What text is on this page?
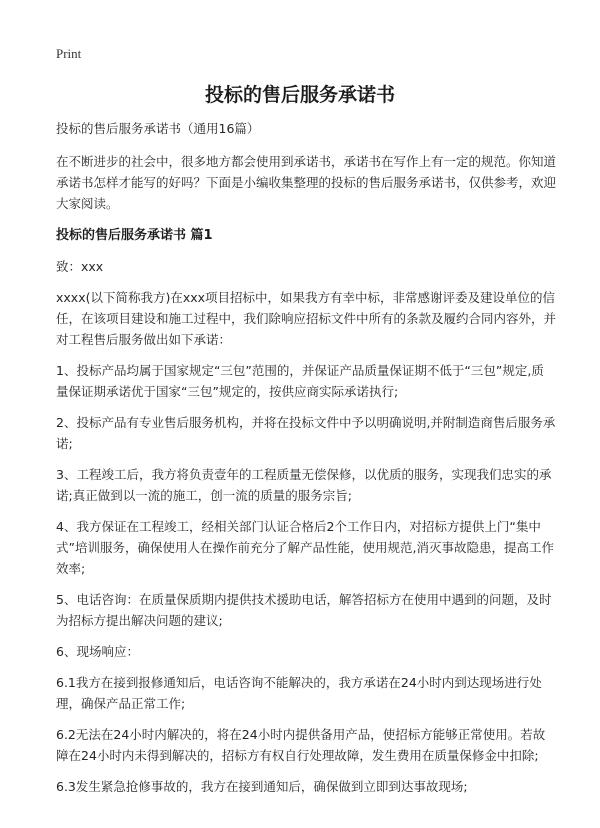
Print
投标的售后服务承诺书

投标的售后服务承诺书（通用16篇）

在不断进步的社会中，很多地方都会使用到承诺书，承诺书在写作上有一定的规范。你知道承诺书怎样才能写的好吗？下面是小编收集整理的投标的售后服务承诺书，仅供参考，欢迎大家阅读。

投标的售后服务承诺书 篇1

致：xxx

xxxx(以下简称我方)在xxx项目招标中，如果我方有幸中标，非常感谢评委及建设单位的信任，在该项目建设和施工过程中，我们除响应招标文件中所有的条款及履约合同内容外，并对工程售后服务做出如下承诺：

1、投标产品均属于国家规定“三包”范围的，并保证产品质量保证期不低于“三包”规定,质量保证期承诺优于国家“三包”规定的，按供应商实际承诺执行;

2、投标产品有专业售后服务机构，并将在投标文件中予以明确说明,并附制造商售后服务承诺;

3、工程竣工后，我方将负责壹年的工程质量无偿保修，以优质的服务，实现我们忠实的承诺;真正做到以一流的施工，创一流的质量的服务宗旨;

4、我方保证在工程竣工，经相关部门认证合格后2个工作日内，对招标方提供上门“集中式”培训服务，确保使用人在操作前充分了解产品性能，使用规范,消灭事故隐患，提高工作效率;

5、电话咨询：在质量保质期内提供技术援助电话，解答招标方在使用中遇到的问题，及时为招标方提出解决问题的建议;

6、现场响应：

6.1我方在接到报修通知后，电话咨询不能解决的，我方承诺在24小时内到达现场进行处理，确保产品正常工作;

6.2无法在24小时内解决的，将在24小时内提供备用产品，使招标方能够正常使用。若故障在24小时内未得到解决的，招标方有权自行处理故障，发生费用在质量保修金中扣除;

6.3发生紧急抢修事故的，我方在接到通知后，确保做到立即到达事故现场;
